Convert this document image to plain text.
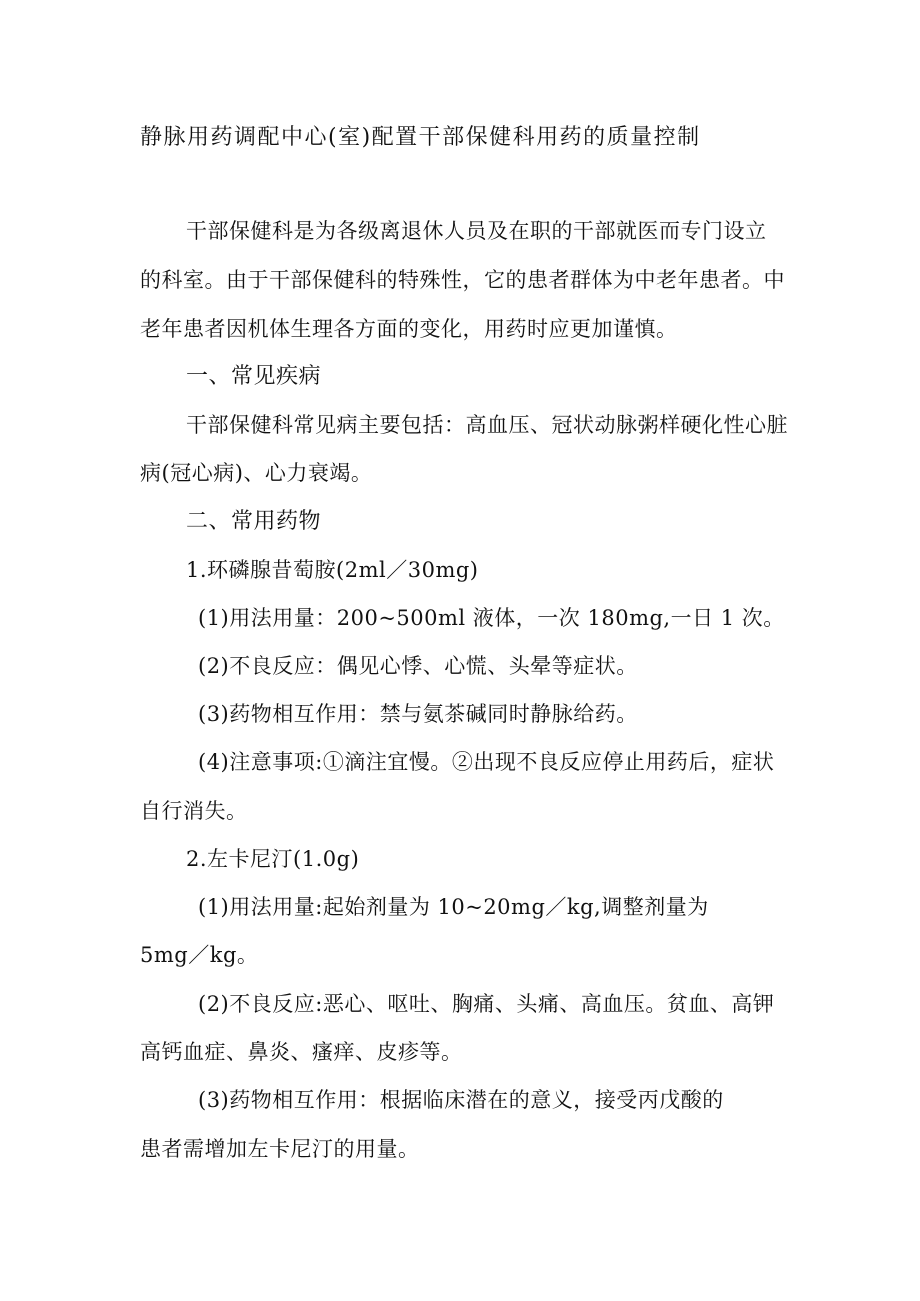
静脉用药调配中心(室)配置干部保健科用药的质量控制
干部保健科是为各级离退休人员及在职的干部就医而专门设立
的科室。由于干部保健科的特殊性，它的患者群体为中老年患者。中
老年患者因机体生理各方面的变化，用药时应更加谨慎。
一、常见疾病
干部保健科常见病主要包括：高血压、冠状动脉粥样硬化性心脏
病(冠心病)、心力衰竭。
二、常用药物
1.环磷腺昔萄胺(2ml／30mg)
(1)用法用量：200~500ml 液体，一次 180mg,一日 1 次。
(2)不良反应：偶见心悸、心慌、头晕等症状。
(3)药物相互作用：禁与氨茶碱同时静脉给药。
(4)注意事项:①滴注宜慢。②出现不良反应停止用药后，症状
自行消失。
2.左卡尼汀(1.0g)
(1)用法用量:起始剂量为 10~20mg／kg,调整剂量为
5mg／kg。
(2)不良反应:恶心、呕吐、胸痛、头痛、高血压。贫血、高钾
高钙血症、鼻炎、瘙痒、皮疹等。
(3)药物相互作用：根据临床潜在的意义，接受丙戊酸的
患者需增加左卡尼汀的用量。
